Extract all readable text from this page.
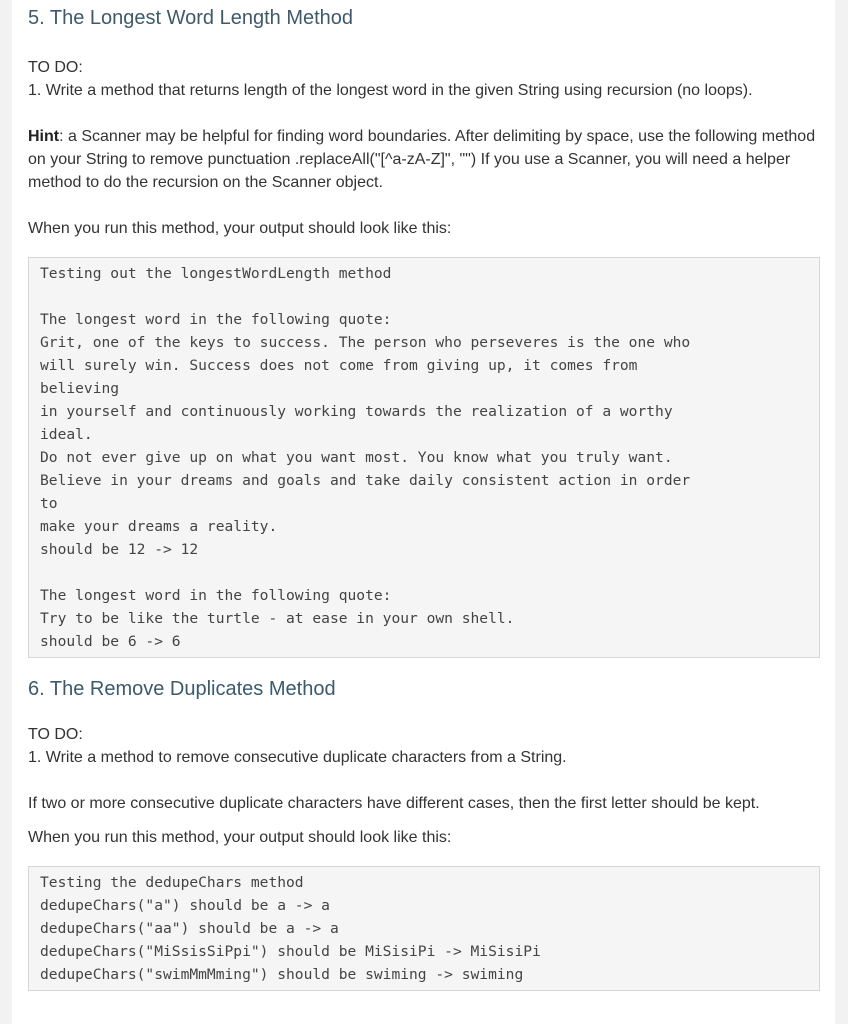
5. The Longest Word Length Method

TO DO:

1. Write a method that returns length of the longest word in the given String using recursion (no loops).

Hint: a Scanner may be helpful for finding word boundaries. After delimiting by space, use the following method on your String to remove punctuation .replaceAll("[^a-zA-Z]", "") If you use a Scanner, you will need a helper method to do the recursion on the Scanner object.

When you run this method, your output should look like this:

Testing out the longestWordLength method
The longest word in the following quote:
Grit, one of the keys to success. The person who perseveres is the one who
will surely win. Success does not come from giving up, it comes from
believing
in yourself and continuously working towards the realization of a worthy
ideal.
Do not ever give up on what you want most. You know what you truly want.
Believe in your dreams and goals and take daily consistent action in order
to
make your dreams a reality.
should be 12 -> 12
The longest word in the following quote:
Try to be like the turtle - at ease in your own shell.
should be 6 -> 6
6. The Remove Duplicates Method

TO DO:

1. Write a method to remove consecutive duplicate characters from a String.

If two or more consecutive duplicate characters have different cases, then the first letter should be kept.

When you run this method, your output should look like this:

Testing the dedupeChars method
dedupeChars("a") should be a -> a
dedupeChars("aa") should be a -> a
dedupeChars("MiSsisSiPpi") should be MiSisiPi -> MiSisiPi
dedupeChars("swimMmMming") should be swiming -> swiming
